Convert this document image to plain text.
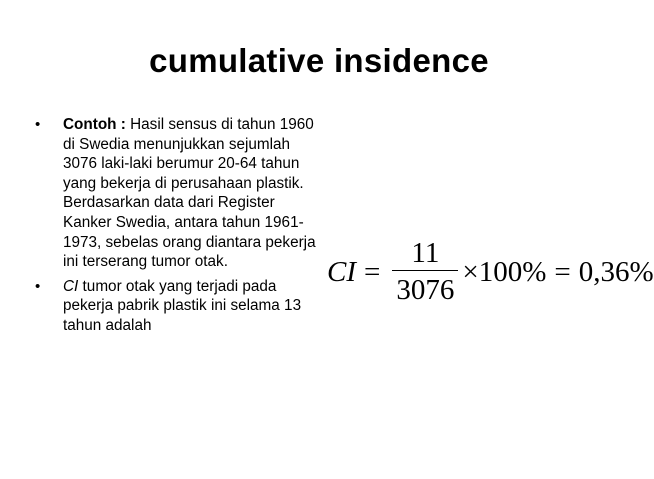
cumulative insidence
• Contoh : Hasil sensus di tahun 1960 di Swedia menunjukkan sejumlah 3076 laki-laki berumur 20-64 tahun yang bekerja di perusahaan plastik. Berdasarkan data dari Register Kanker Swedia, antara tahun 1961-1973, sebelas orang diantara pekerja ini terserang tumor otak.
• CI tumor otak yang terjadi pada pekerja pabrik plastik ini selama 13 tahun adalah
CI = $\frac{11}{3076} \times 100\% = 0,36\%$
